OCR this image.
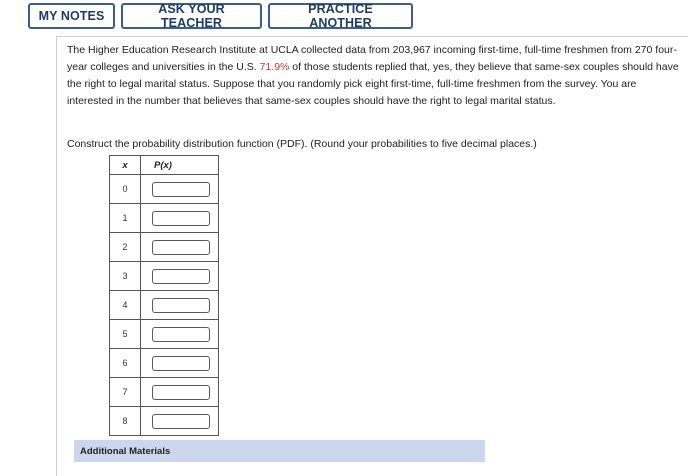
MY NOTES	ASK YOUR TEACHER
PRACTICE ANOTHER
The Higher Education Research Institute at UCLA collected data from 203,967 incoming first-time, full-time freshmen from 270 four-year colleges and universities in the U.S. 71.9% of those students replied that, yes, they believe that same-sex couples should have the right to legal marital status. Suppose that you randomly pick eight first-time, full-time freshmen from the survey. You are interested in the number that believes that same-sex couples should have the right to legal marital status.
Construct the probability distribution function (PDF). (Round your probabilities to five decimal places.)
x	P(x)
0	

1	

2	

3	

4	

5	

6	

7	

8	
Additional Materials
